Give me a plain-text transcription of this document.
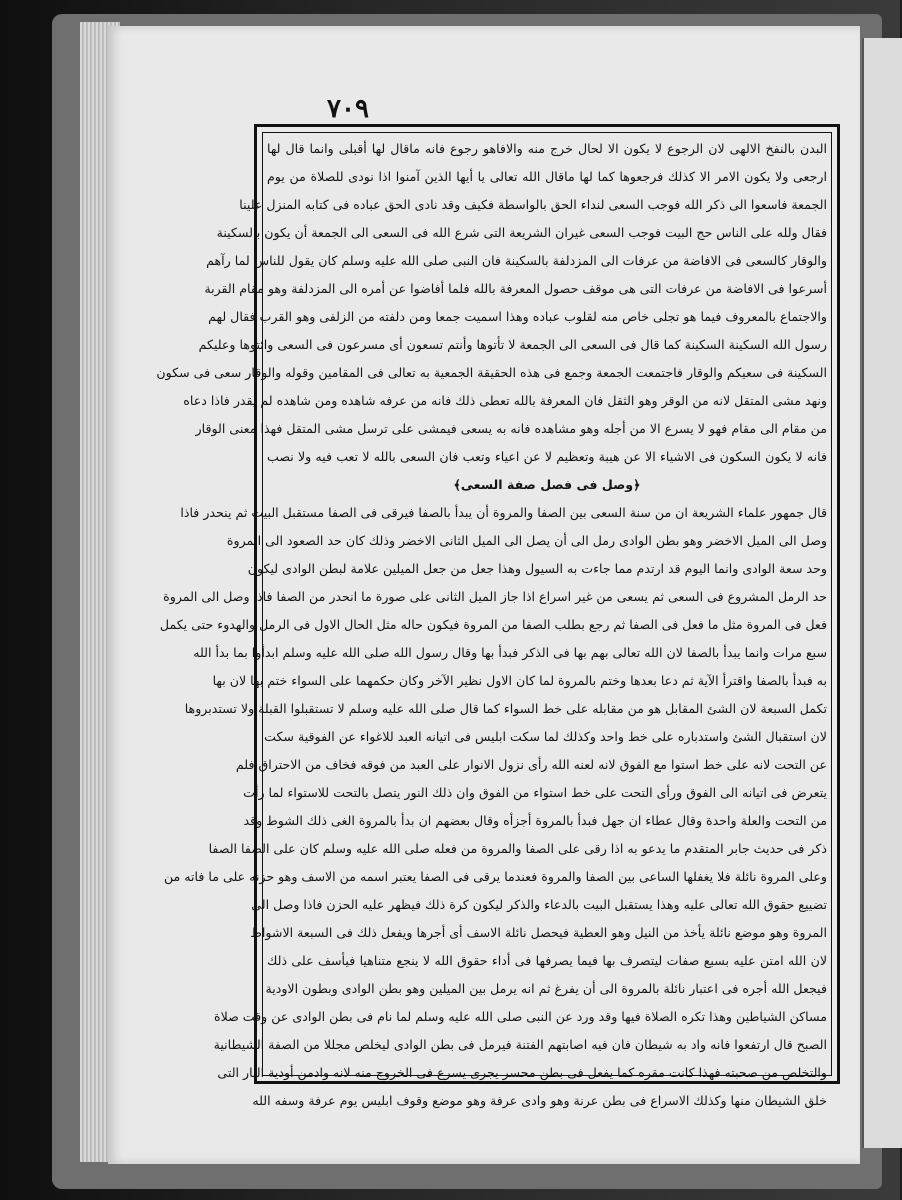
٧٠٩
البدن بالنفخ الالهى لان الرجوع لا يكون الا لحال خرج منه والافاهو رجوع فانه ماقال لها أقبلى وانما قال لها
ارجعى ولا يكون الامر الا كذلك فرجعوها كما لها ماقال الله تعالى يا أيها الذين آمنوا اذا نودى للصلاة من يوم
الجمعة فاسعوا الى ذكر الله فوجب السعى لنداء الحق بالواسطة فكيف وقد نادى الحق عباده فى كتابه المنزل علينا
فقال ولله على الناس حج البيت فوجب السعى غيران الشريعة التى شرع الله فى السعى الى الجمعة أن يكون بالسكينة
والوقار كالسعى فى الافاضة من عرفات الى المزدلفة بالسكينة فان النبى صلى الله عليه وسلم كان يقول للناس لما رآهم
أسرعوا فى الافاضة من عرفات التى هى موقف حصول المعرفة بالله فلما أفاضوا عن أمره الى المزدلفة وهو مقام القربة
والاجتماع بالمعروف فيما هو تجلى خاص منه لقلوب عباده وهذا اسميت جمعا ومن دلفته من الزلفى وهو القرب فقال لهم
رسول الله السكينة السكينة كما قال فى السعى الى الجمعة لا تأتوها وأنتم تسعون أى مسرعون فى السعى وائتوها وعليكم
السكينة فى سعيكم والوقار فاجتمعت الجمعة وجمع فى هذه الحقيقة الجمعية به تعالى فى المقامين وقوله والوقار سعى فى سكون
ونهد مشى المتقل لانه من الوقر وهو الثقل فان المعرفة بالله تعطى ذلك فانه من عرفه شاهده ومن شاهده لم يقدر فاذا دعاه
من مقام الى مقام فهو لا يسرع الا من أجله وهو مشاهده فانه به يسعى فيمشى على ترسل مشى المتقل فهذا معنى الوقار
فانه لا يكون السكون فى الاشياء الا عن هيبة وتعظيم لا عن اعياء وتعب فان السعى بالله لا تعب فيه ولا نصب
﴿وصل فى فصل صفة السعى﴾
قال جمهور علماء الشريعة ان من سنة السعى بين الصفا والمروة أن يبدأ بالصفا فيرقى فى الصفا مستقبل البيت ثم ينحدر فاذا
وصل الى الميل الاخضر وهو بطن الوادى رمل الى أن يصل الى الميل الثانى الاخضر وذلك كان حد الصعود الى المروة
وحد سعة الوادى وانما اليوم قد ارتدم مما جاءت به السيول وهذا جعل من جعل الميلين علامة لبطن الوادى ليكون
حد الرمل المشروع فى السعى ثم يسعى من غير اسراع اذا جاز الميل الثانى على صورة ما انحدر من الصفا فاذا وصل الى المروة
فعل فى المروة مثل ما فعل فى الصفا ثم رجع بطلب الصفا من المروة فيكون حاله مثل الحال الاول فى الرمل والهدوء حتى يكمل
سبع مرات وانما يبدأ بالصفا لان الله تعالى بهم بها فى الذكر فبدأ بها وقال رسول الله صلى الله عليه وسلم ابدأوا بما بدأ الله
به فبدأ بالصفا واقترأ الآية ثم دعا بعدها وختم بالمروة لما كان الاول نظير الآخر وكان حكمهما على السواء ختم بها لان بها
تكمل السبعة لان الشئ المقابل هو من مقابله على خط السواء كما قال صلى الله عليه وسلم لا تستقبلوا القبلة ولا تستدبروها
لان استقبال الشئ واستدباره على خط واحد وكذلك لما سكت ابليس فى اتيانه العبد للاغواء عن الفوقية سكت
عن التحت لانه على خط استوا مع الفوق لانه لعنه الله رأى نزول الانوار على العبد من فوقه فخاف من الاحتراق فلم
يتعرض فى اتيانه الى الفوق ورأى التحت على خط استواء من الفوق وان ذلك النور يتصل بالتحت للاستواء لما رأت
من التحت والعلة واحدة وقال عطاء ان جهل فبدأ بالمروة أجزأه وقال بعضهم ان بدأ بالمروة الغى ذلك الشوط وقد
ذكر فى حديث جابر المتقدم ما يدعو به اذا رقى على الصفا والمروة من فعله صلى الله عليه وسلم كان على الصفا الصفا
وعلى المروة نائلة فلا يغفلها الساعى بين الصفا والمروة فعندما يرقى فى الصفا يعتبر اسمه من الاسف وهو حزنه على ما فاته من
تضييع حقوق الله تعالى عليه وهذا يستقبل البيت بالدعاء والذكر ليكون كرة ذلك فيظهر عليه الحزن فاذا وصل الى
المروة وهو موضع نائلة يأخذ من النيل وهو العطية فيحصل نائلة الاسف أى أجرها ويفعل ذلك فى السبعة الاشواط
لان الله امتن عليه بسبع صفات ليتصرف بها فيما يصرفها فى أداء حقوق الله لا ينجع متناهيا فيأسف على ذلك
فيجعل الله أجره فى اعتبار نائلة بالمروة الى أن يفرغ ثم انه يرمل بين الميلين وهو بطن الوادى وبطون الاودية
مساكن الشياطين وهذا تكره الصلاة فيها وقد ورد عن النبى صلى الله عليه وسلم لما نام فى بطن الوادى عن وقت صلاة
الصبح قال ارتفعوا فانه واد به شيطان فان فيه اصابتهم الفتنة فيرمل فى بطن الوادى ليخلص مجللا من الصفة الشيطانية
والتخلص من صحبته فهذا كانت مقره كما يفعل فى بطن محسر يجرى يسرع فى الخروج منه لانه وادمن أودية النار التى
خلق الشيطان منها وكذلك الاسراع فى بطن عرنة وهو وادى عرفة وهو موضع وقوف ابليس يوم عرفة وسفه الله
